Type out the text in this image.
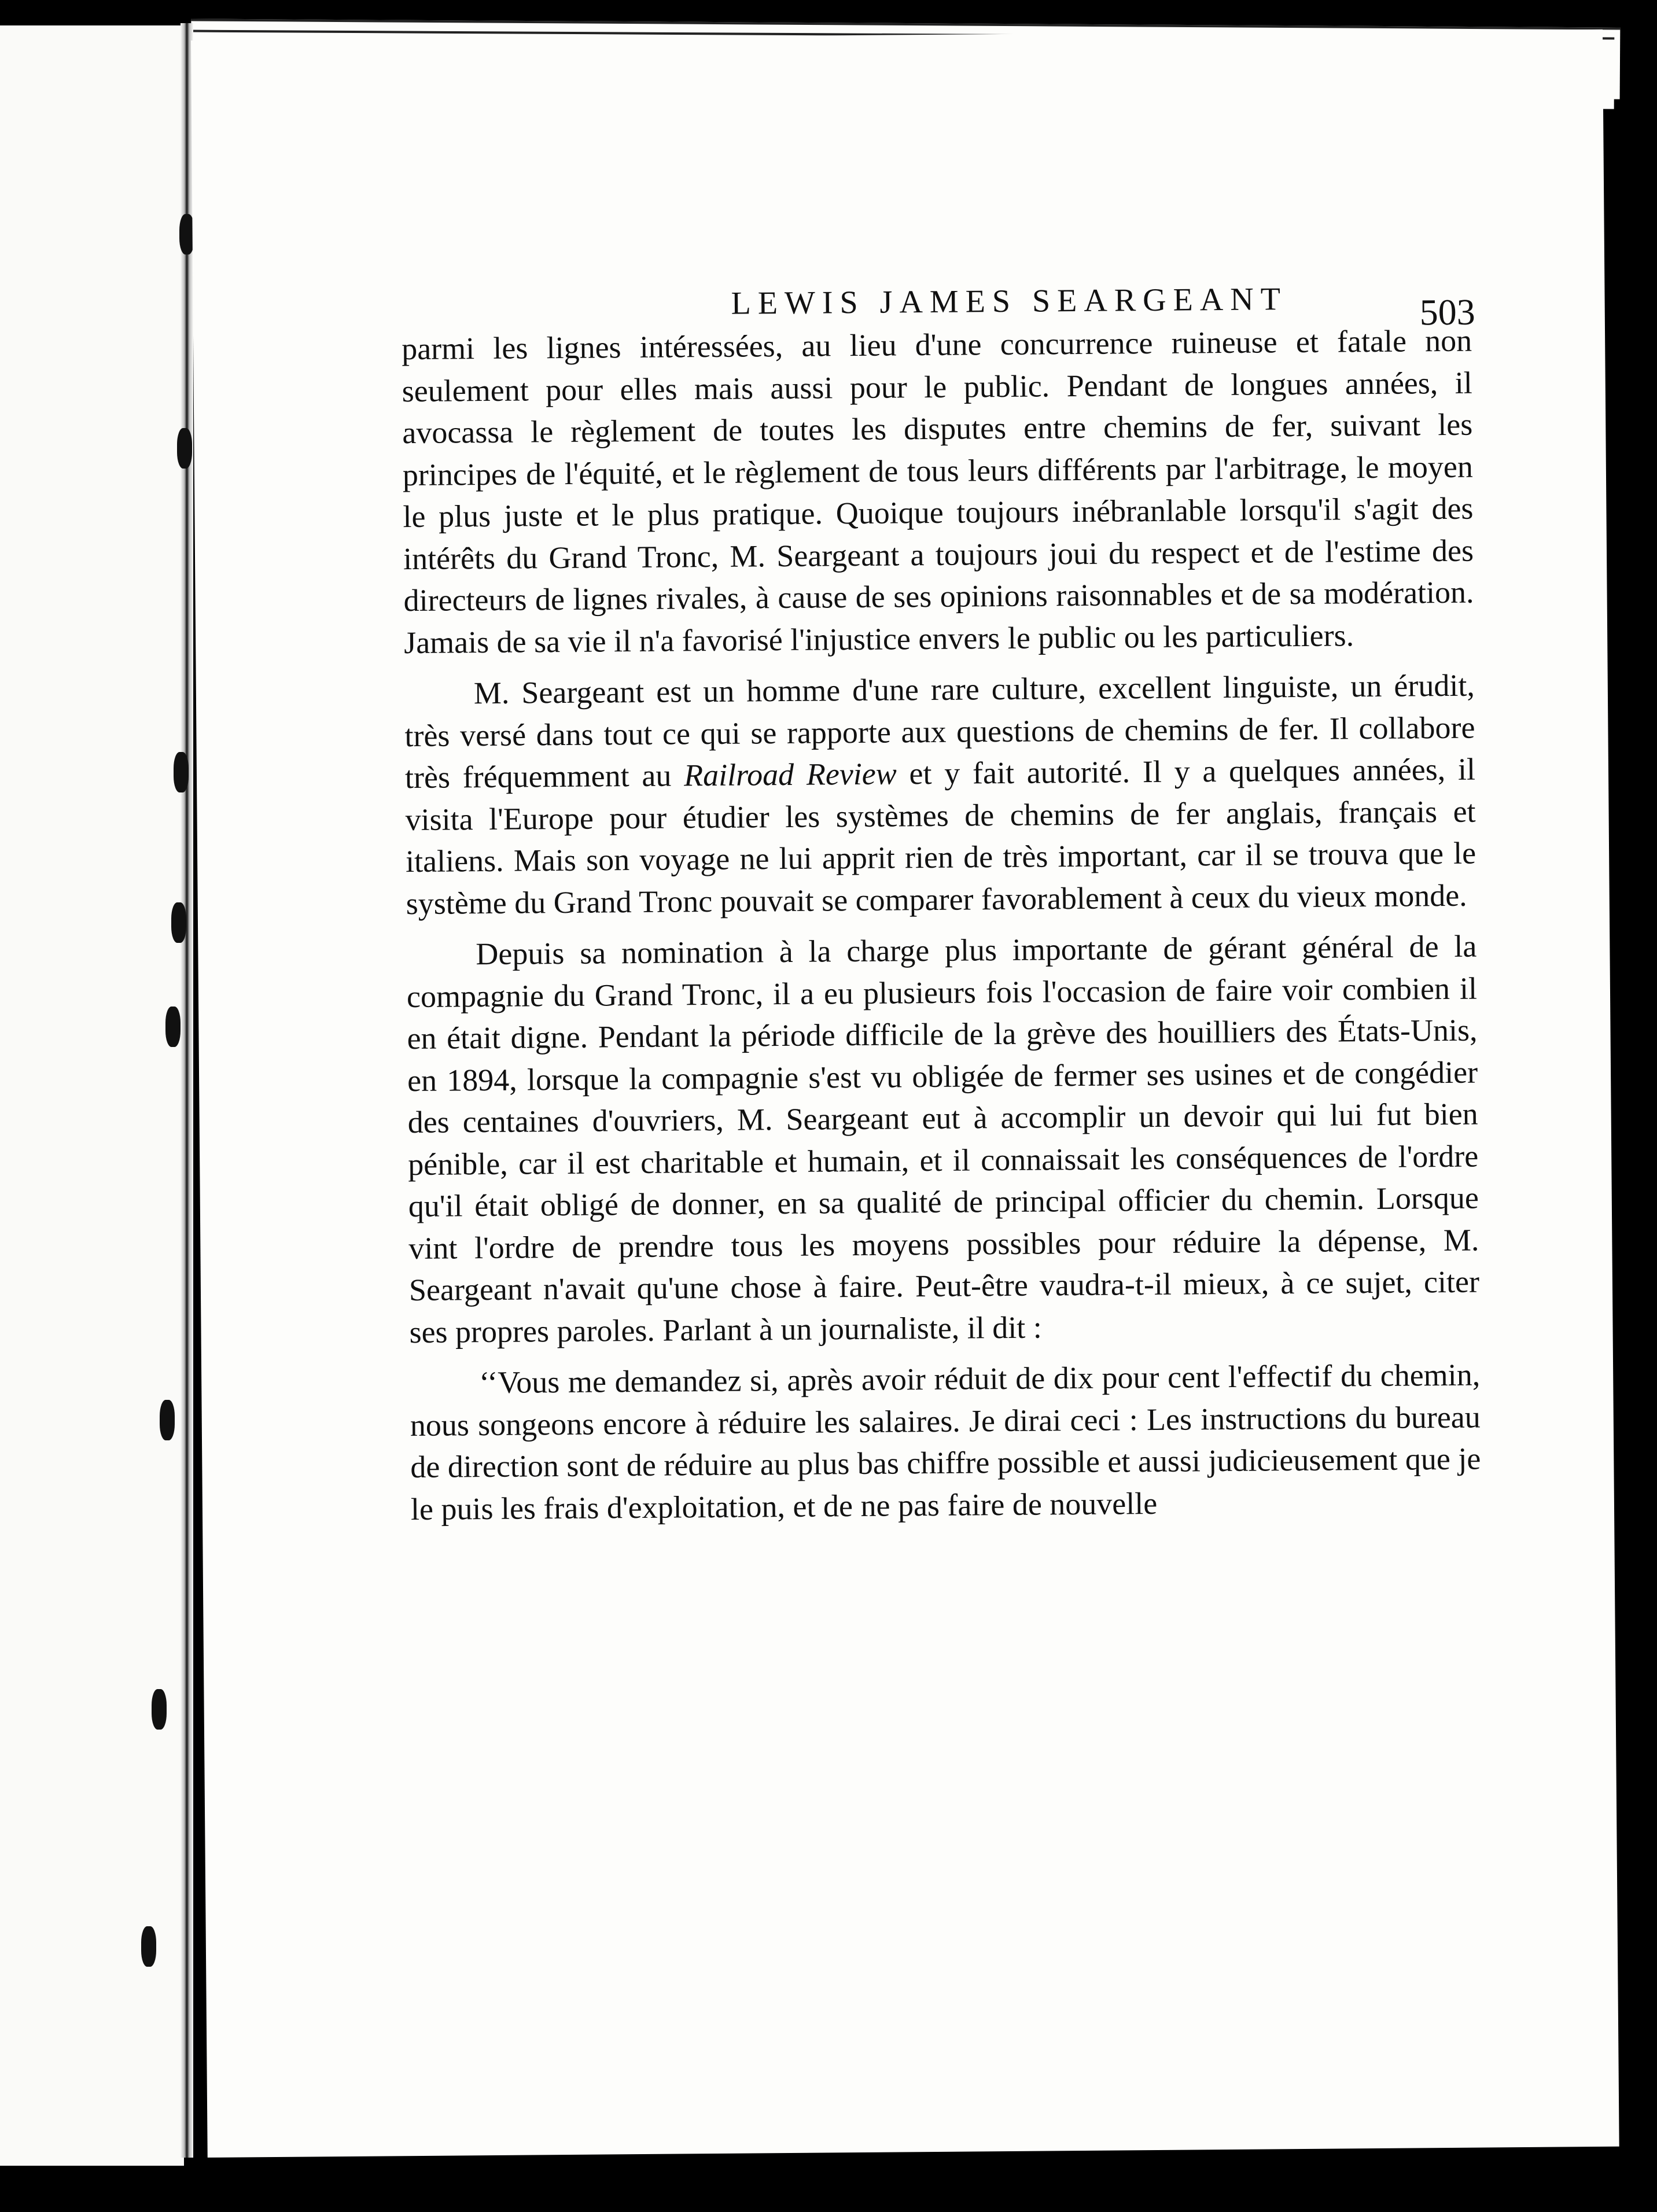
LEWIS JAMES SEARGEANT	503

parmi les lignes intéressées, au lieu d'une concurrence ruineuse et fatale non seulement pour elles mais aussi pour le public. Pendant de longues années, il avocassa le règlement de toutes les disputes entre chemins de fer, suivant les principes de l'équité, et le règlement de tous leurs différents par l'arbitrage, le moyen le plus juste et le plus pratique. Quoique toujours inébranlable lorsqu'il s'agit des intérêts du Grand Tronc, M. Seargeant a toujours joui du respect et de l'estime des directeurs de lignes rivales, à cause de ses opinions raisonnables et de sa modération. Jamais de sa vie il n'a favorisé l'injustice envers le public ou les particuliers.

M. Seargeant est un homme d'une rare culture, excellent linguiste, un érudit, très versé dans tout ce qui se rapporte aux questions de chemins de fer. Il collabore très fréquemment au Railroad Review et y fait autorité. Il y a quelques années, il visita l'Europe pour étudier les systèmes de chemins de fer anglais, français et italiens. Mais son voyage ne lui apprit rien de très important, car il se trouva que le système du Grand Tronc pouvait se comparer favorablement à ceux du vieux monde.

Depuis sa nomination à la charge plus importante de gérant général de la compagnie du Grand Tronc, il a eu plusieurs fois l'occasion de faire voir combien il en était digne. Pendant la période difficile de la grève des houilliers des États-Unis, en 1894, lorsque la compagnie s'est vu obligée de fermer ses usines et de congédier des centaines d'ouvriers, M. Seargeant eut à accomplir un devoir qui lui fut bien pénible, car il est charitable et humain, et il connaissait les conséquences de l'ordre qu'il était obligé de donner, en sa qualité de principal officier du chemin. Lorsque vint l'ordre de prendre tous les moyens possibles pour réduire la dépense, M. Seargeant n'avait qu'une chose à faire. Peut-être vaudra-t-il mieux, à ce sujet, citer ses propres paroles. Parlant à un journaliste, il dit :

‘‘Vous me demandez si, après avoir réduit de dix pour cent l'effectif du chemin, nous songeons encore à réduire les salaires. Je dirai ceci : Les instructions du bureau de direction sont de réduire au plus bas chiffre possible et aussi judicieusement que je le puis les frais d'exploitation, et de ne pas faire de nouvelle
